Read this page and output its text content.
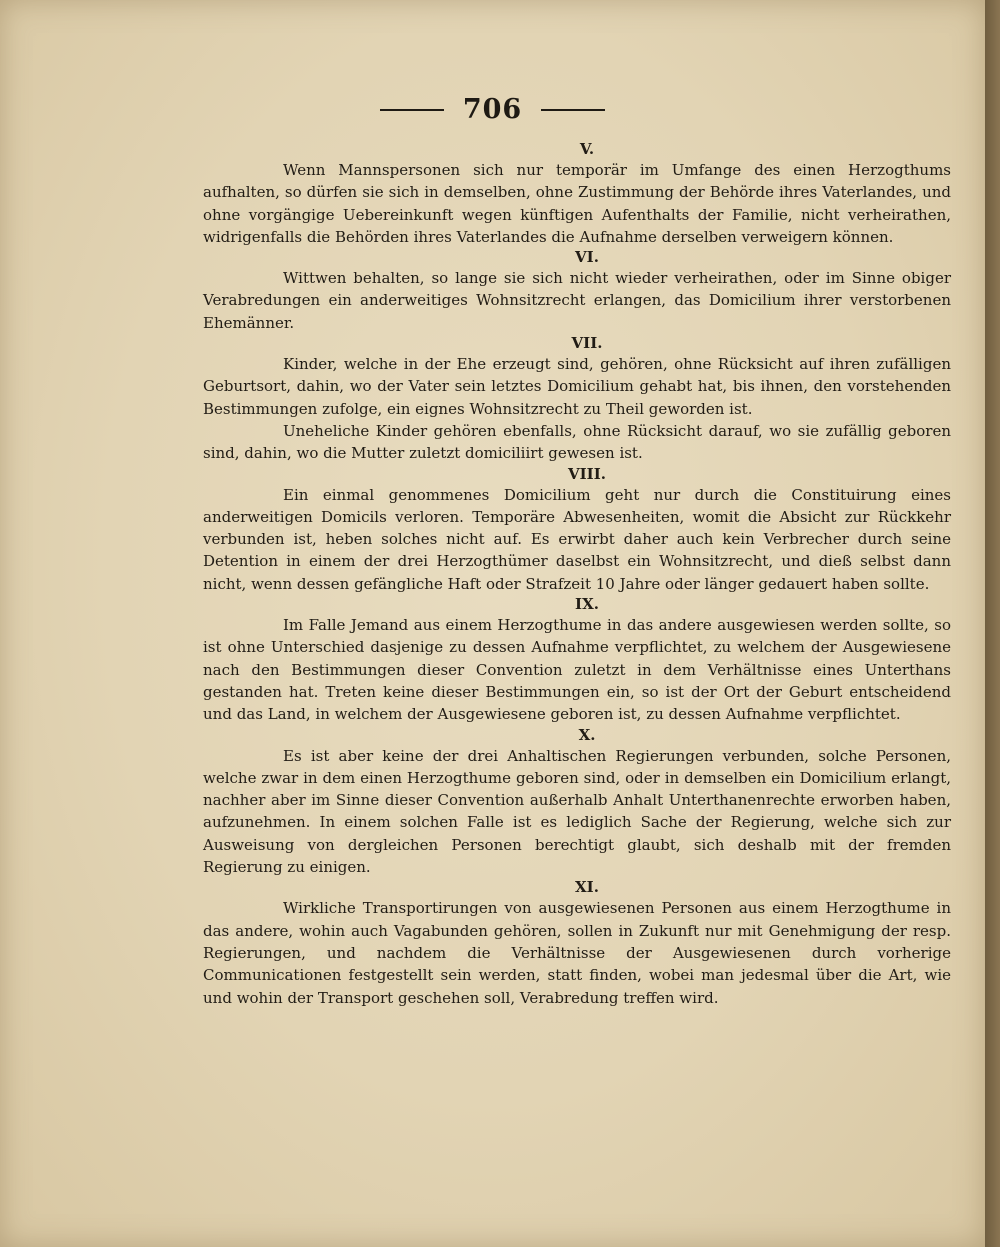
706

V.

Wenn Mannspersonen sich nur temporär im Umfange des einen Herzogthums aufhalten, so dürfen sie sich in demselben, ohne Zustimmung der Behörde ihres Vaterlandes, und ohne vorgängige Uebereinkunft wegen künftigen Aufenthalts der Familie, nicht verheirathen, widrigenfalls die Behörden ihres Vaterlandes die Aufnahme derselben verweigern können.

VI.

Wittwen behalten, so lange sie sich nicht wieder verheirathen, oder im Sinne obiger Verabredungen ein anderweitiges Wohnsitzrecht erlangen, das Domicilium ihrer verstorbenen Ehemänner.

VII.

Kinder, welche in der Ehe erzeugt sind, gehören, ohne Rücksicht auf ihren zufälligen Geburtsort, dahin, wo der Vater sein letztes Domicilium gehabt hat, bis ihnen, den vorstehenden Bestimmungen zufolge, ein eignes Wohnsitzrecht zu Theil geworden ist.

Uneheliche Kinder gehören ebenfalls, ohne Rücksicht darauf, wo sie zufällig geboren sind, dahin, wo die Mutter zuletzt domiciliirt gewesen ist.

VIII.

Ein einmal genommenes Domicilium geht nur durch die Constituirung eines anderweitigen Domicils verloren. Temporäre Abwesenheiten, womit die Absicht zur Rückkehr verbunden ist, heben solches nicht auf. Es erwirbt daher auch kein Verbrecher durch seine Detention in einem der drei Herzogthümer daselbst ein Wohnsitzrecht, und dieß selbst dann nicht, wenn dessen gefängliche Haft oder Strafzeit 10 Jahre oder länger gedauert haben sollte.

IX.

Im Falle Jemand aus einem Herzogthume in das andere ausgewiesen werden sollte, so ist ohne Unterschied dasjenige zu dessen Aufnahme verpflichtet, zu welchem der Ausgewiesene nach den Bestimmungen dieser Convention zuletzt in dem Verhältnisse eines Unterthans gestanden hat. Treten keine dieser Bestimmungen ein, so ist der Ort der Geburt entscheidend und das Land, in welchem der Ausgewiesene geboren ist, zu dessen Aufnahme verpflichtet.

X.

Es ist aber keine der drei Anhaltischen Regierungen verbunden, solche Personen, welche zwar in dem einen Herzogthume geboren sind, oder in demselben ein Domicilium erlangt, nachher aber im Sinne dieser Convention außerhalb Anhalt Unterthanenrechte erworben haben, aufzunehmen. In einem solchen Falle ist es lediglich Sache der Regierung, welche sich zur Ausweisung von dergleichen Personen berechtigt glaubt, sich deshalb mit der fremden Regierung zu einigen.

XI.

Wirkliche Transportirungen von ausgewiesenen Personen aus einem Herzogthume in das andere, wohin auch Vagabunden gehören, sollen in Zukunft nur mit Genehmigung der resp. Regierungen, und nachdem die Verhältnisse der Ausgewiesenen durch vorherige Communicationen festgestellt sein werden, statt finden, wobei man jedesmal über die Art, wie und wohin der Transport geschehen soll, Verabredung treffen wird.
